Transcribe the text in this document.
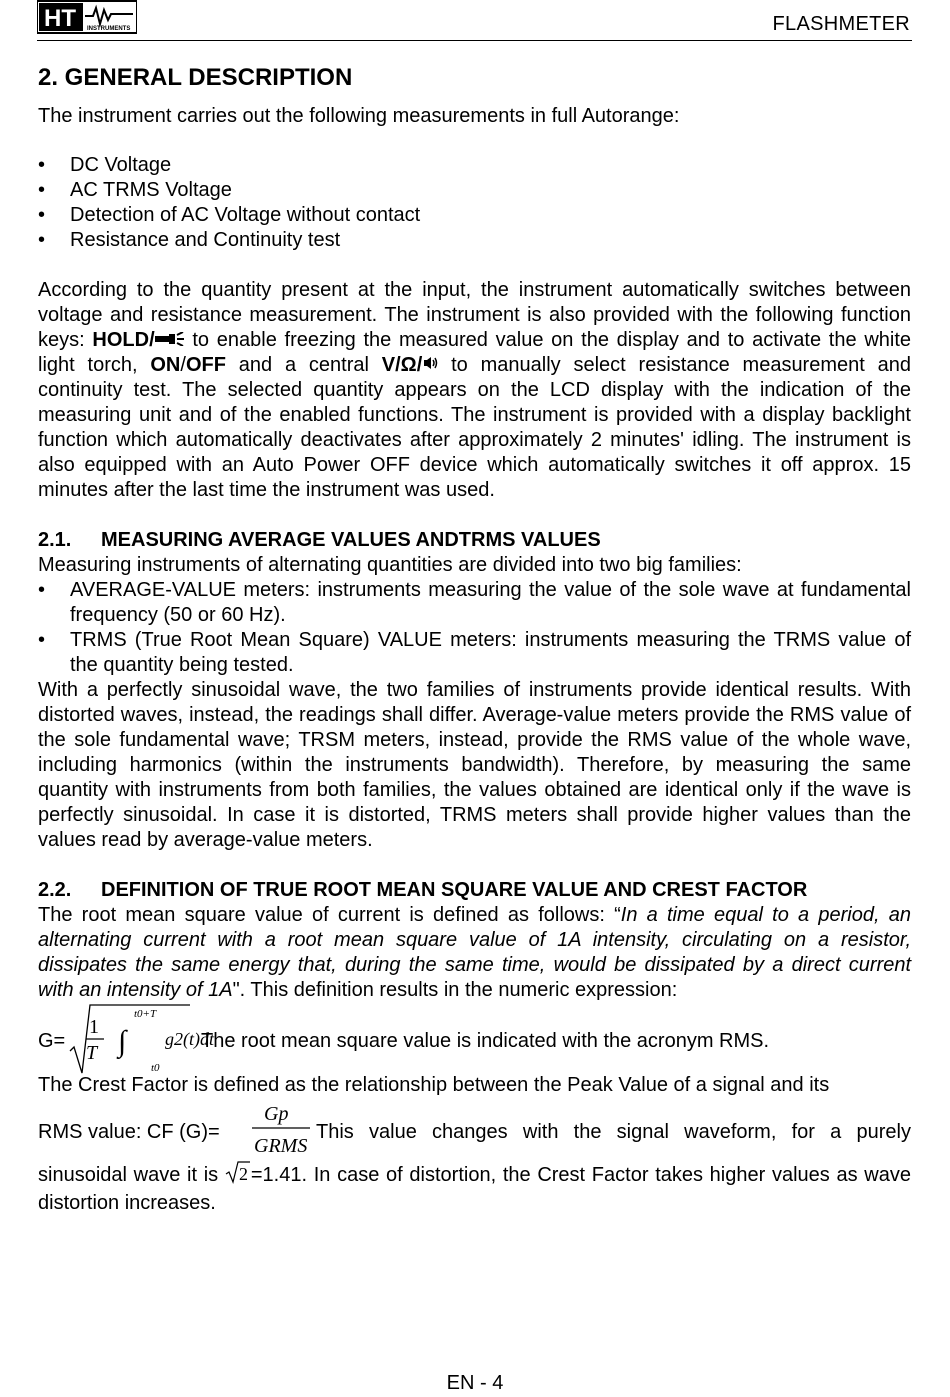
HT INSTRUMENTS	FLASHMETER
2. GENERAL DESCRIPTION

The instrument carries out the following measurements in full Autorange:

• DC Voltage
• AC TRMS Voltage
• Detection of AC Voltage without contact
• Resistance and Continuity test

According to the quantity present at the input, the instrument automatically switches between voltage and resistance measurement. The instrument is also provided with the following function keys: HOLD/ to enable freezing the measured value on the display and to activate the white light torch, ON/OFF and a central V/Ω/ to manually select resistance measurement and continuity test. The selected quantity appears on the LCD display with the indication of the measuring unit and of the enabled functions. The instrument is provided with a display backlight function which automatically deactivates after approximately 2 minutes' idling. The instrument is also equipped with an Auto Power OFF device which automatically switches it off approx. 15 minutes after the last time the instrument was used.

2.1. MEASURING AVERAGE VALUES ANDTRMS VALUES

Measuring instruments of alternating quantities are divided into two big families:

• AVERAGE-VALUE meters: instruments measuring the value of the sole wave at fundamental frequency (50 or 60 Hz).
• TRMS (True Root Mean Square) VALUE meters: instruments measuring the TRMS value of the quantity being tested.

With a perfectly sinusoidal wave, the two families of instruments provide identical results. With distorted waves, instead, the readings shall differ. Average-value meters provide the RMS value of the sole fundamental wave; TRSM meters, instead, provide the RMS value of the whole wave, including harmonics (within the instruments bandwidth). Therefore, by measuring the same quantity with instruments from both families, the values obtained are identical only if the wave is perfectly sinusoidal. In case it is distorted, TRMS meters shall provide higher values than the values read by average-value meters.

2.2. DEFINITION OF TRUE ROOT MEAN SQUARE VALUE AND CREST FACTOR

The root mean square value of current is defined as follows: “In a time equal to a period, an alternating current with a root mean square value of 1A intensity, circulating on a resistor, dissipates the same energy that, during the same time, would be dissipated by a direct current with an intensity of 1A". This definition results in the numeric expression:

G=
1
T
t0+T
∫
t0
g2(t)dt
The root mean square value is indicated with the acronym RMS.

The Crest Factor is defined as the relationship between the Peak Value of a signal and its

RMS value: CF (G)=
Gp
GRMS
This value changes with the signal waveform, for a purely

sinusoidal wave it is 2 =1.41. In case of distortion, the Crest Factor takes higher values as wave distortion increases.

EN - 4
